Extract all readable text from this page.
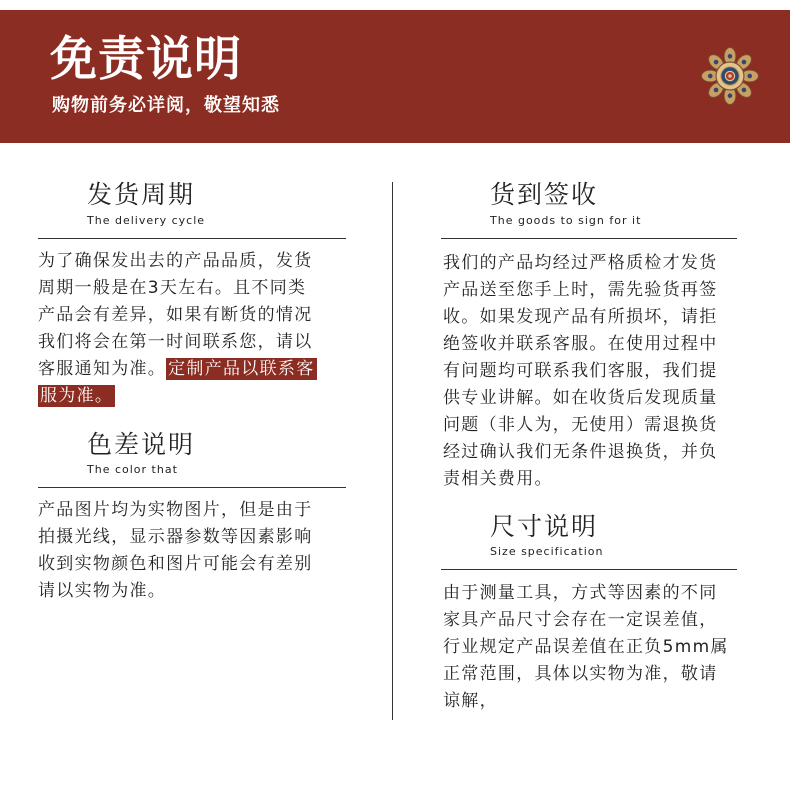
免责说明

购物前务必详阅，敬望知悉

发货周期

The delivery cycle

为了确保发出去的产品品质，发货
周期一般是在3天左右。且不同类
产品会有差异，如果有断货的情况
我们将会在第一时间联系您，请以
客服通知为准。 定制产品以联系客
服为准。
色差说明

The color that

产品图片均为实物图片，但是由于
拍摄光线，显示器参数等因素影响
收到实物颜色和图片可能会有差别
请以实物为准。
货到签收

The goods to sign for it

我们的产品均经过严格质检才发货
产品送至您手上时，需先验货再签
收。如果发现产品有所损坏，请拒
绝签收并联系客服。在使用过程中
有问题均可联系我们客服，我们提
供专业讲解。如在收货后发现质量
问题（非人为，无使用）需退换货
经过确认我们无条件退换货，并负
责相关费用。
尺寸说明

Size specification

由于测量工具，方式等因素的不同
家具产品尺寸会存在一定误差值，
行业规定产品误差值在正负5mm属
正常范围，具体以实物为准，敬请
谅解，
